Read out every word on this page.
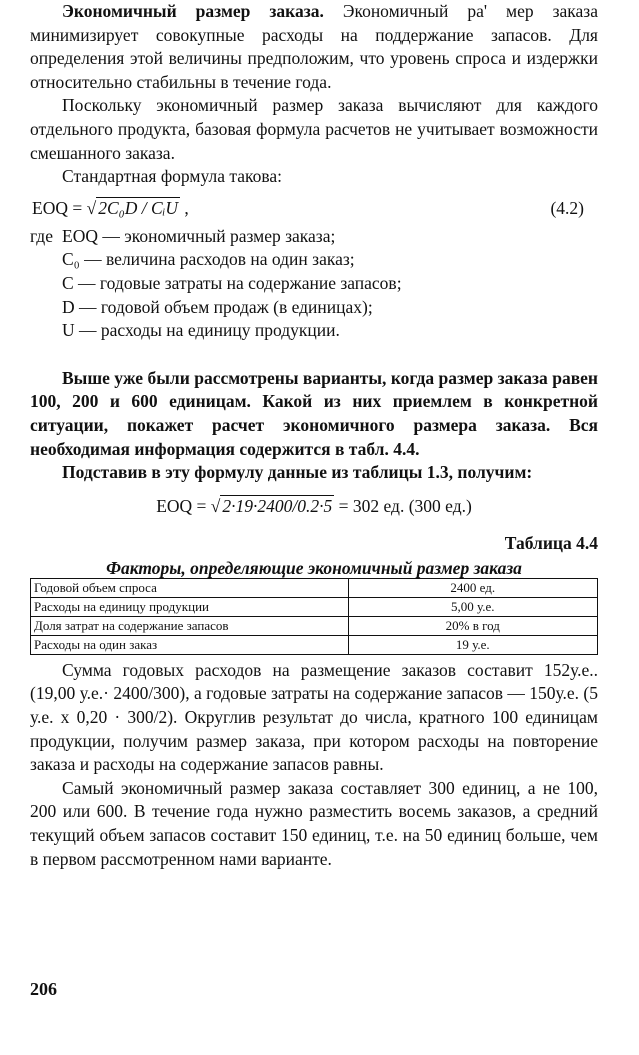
Экономичный размер заказа. Экономичный ра' мер заказа минимизирует совокупные расходы на поддержание запасов. Для определения этой величины предположим, что уровень спроса и издержки относительно стабильны в течение года.

Поскольку экономичный размер заказа вычисляют для каждого отдельного продукта, базовая формула расчетов не учитывает возможности смешанного заказа.

Стандартная формула такова:

EOQ = √ 2C₀D / CᵢU ,	(4.2)
где EOQ — экономичный размер заказа;
C₀ — величина расходов на один заказ;
C — годовые затраты на содержание запасов;
D — годовой объем продаж (в единицах);
U — расходы на единицу продукции.

Выше уже были рассмотрены варианты, когда размер заказа равен 100, 200 и 600 единицам. Какой из них приемлем в конкретной ситуации, покажет расчет экономичного размера заказа. Вся необходимая информация содержится в табл. 4.4.

Подставив в эту формулу данные из таблицы 1.3, получим:

EOQ = √ 2·19·2400/0.2·5 = 302 ед. (300 ед.)
Таблица 4.4
Факторы, определяющие экономичный размер заказа
Годовой объем спроса	2400 ед.
Расходы на единицу продукции	5,00 у.е.
Доля затрат на содержание запасов	20% в год
Расходы на один заказ	19 у.е.

Сумма годовых расходов на размещение заказов составит 152у.е.. (19,00 у.е.· 2400/300), а годовые затраты на содержание запасов — 150у.е. (5 у.е. х 0,20 · 300/2). Округлив результат до числа, кратного 100 единицам продукции, получим размер заказа, при котором расходы на повторение заказа и расходы на содержание запасов равны.

Самый экономичный размер заказа составляет 300 единиц, а не 100, 200 или 600. В течение года нужно разместить восемь заказов, а средний текущий объем запасов составит 150 единиц, т.е. на 50 единиц больше, чем в первом рассмотренном нами варианте.

206
